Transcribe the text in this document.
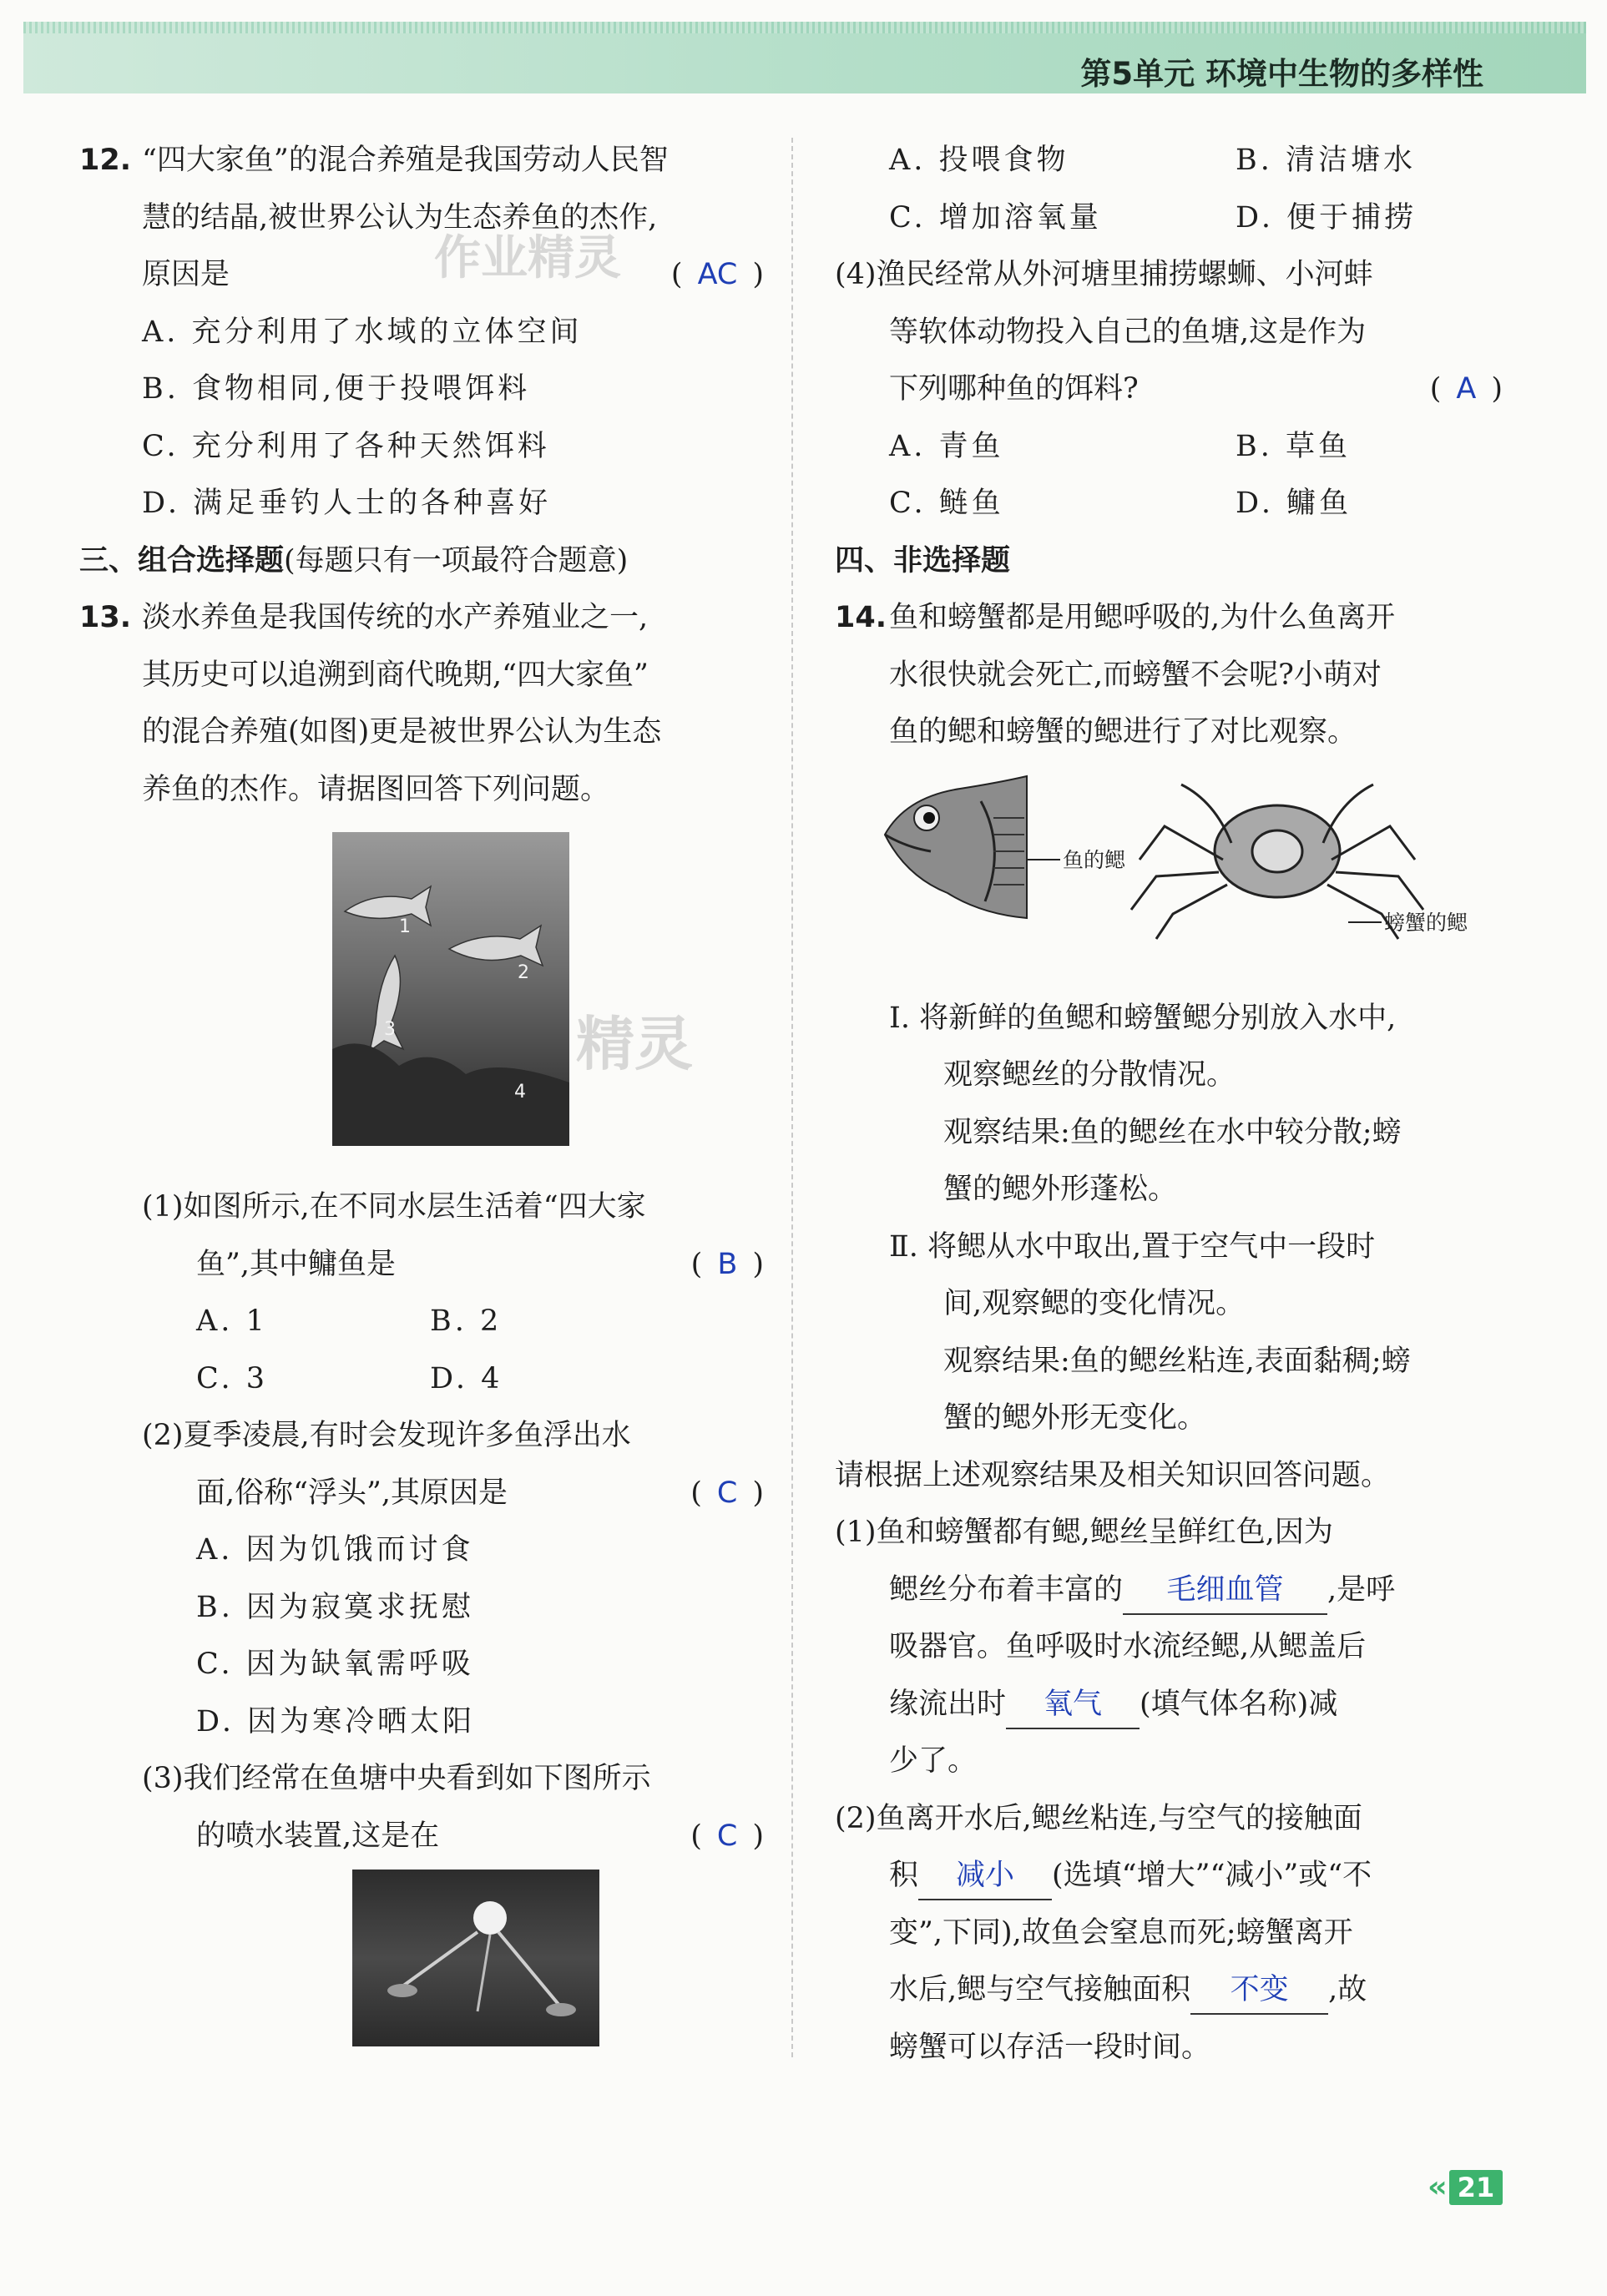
第5单元 环境中生物的多样性
12. “四大家鱼”的混合养殖是我国劳动人民智
慧的结晶,被世界公认为生态养鱼的杰作,
原因是	( AC )
A. 充分利用了水域的立体空间
B. 食物相同,便于投喂饵料
C. 充分利用了各种天然饵料
D. 满足垂钓人士的各种喜好
三、组合选择题(每题只有一项最符合题意)
13. 淡水养鱼是我国传统的水产养殖业之一,
其历史可以追溯到商代晚期,“四大家鱼”
的混合养殖(如图)更是被世界公认为生态
养鱼的杰作。请据图回答下列问题。
(1)如图所示,在不同水层生活着“四大家
鱼”,其中鳙鱼是	( B )
A. 1	B. 2
C. 3	D. 4
(2)夏季凌晨,有时会发现许多鱼浮出水
面,俗称“浮头”,其原因是	( C )
A. 因为饥饿而讨食
B. 因为寂寞求抚慰
C. 因为缺氧需呼吸
D. 因为寒冷晒太阳
(3)我们经常在鱼塘中央看到如下图所示
的喷水装置,这是在	( C )
1
2
3
4
A. 投喂食物	B. 清洁塘水
C. 增加溶氧量	D. 便于捕捞
(4)渔民经常从外河塘里捕捞螺蛳、小河蚌
等软体动物投入自己的鱼塘,这是作为
下列哪种鱼的饵料?	( A )
A. 青鱼	B. 草鱼
C. 鲢鱼	D. 鳙鱼
四、非选择题
14. 鱼和螃蟹都是用鳃呼吸的,为什么鱼离开
水很快就会死亡,而螃蟹不会呢?小萌对
鱼的鳃和螃蟹的鳃进行了对比观察。
Ⅰ. 将新鲜的鱼鳃和螃蟹鳃分别放入水中,
观察鳃丝的分散情况。
观察结果:鱼的鳃丝在水中较分散;螃
蟹的鳃外形蓬松。
Ⅱ. 将鳃从水中取出,置于空气中一段时
间,观察鳃的变化情况。
观察结果:鱼的鳃丝粘连,表面黏稠;螃
蟹的鳃外形无变化。
请根据上述观察结果及相关知识回答问题。
(1)鱼和螃蟹都有鳃,鳃丝呈鲜红色,因为
鳃丝分布着丰富的 毛细血管 ,是呼
吸器官。鱼呼吸时水流经鳃,从鳃盖后
缘流出时 氧气 (填气体名称)减
少了。
(2)鱼离开水后,鳃丝粘连,与空气的接触面
积 减小 (选填“增大”“减小”或“不
变”,下同),故鱼会窒息而死;螃蟹离开
水后,鳃与空气接触面积 不变 ,故
螃蟹可以存活一段时间。
鱼的鳃
螃蟹的鳃
作业精灵
精灵
‹‹ 21
